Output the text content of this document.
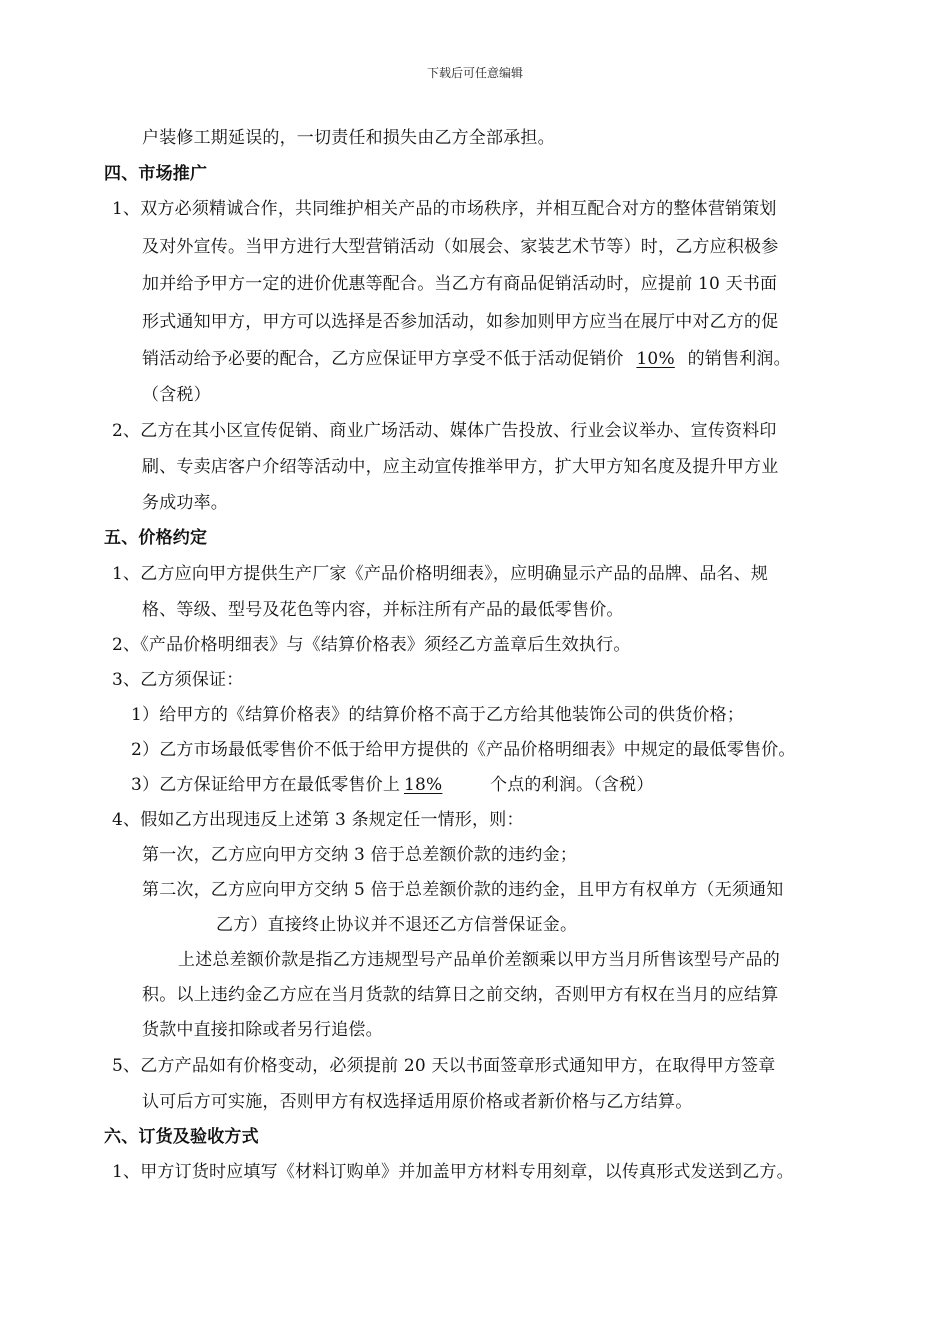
下载后可任意编辑
户装修工期延误的，一切责任和损失由乙方全部承担。
四、市场推广
1、双方必须精诚合作，共同维护相关产品的市场秩序，并相互配合对方的整体营销策划
及对外宣传。当甲方进行大型营销活动（如展会、家装艺术节等）时，乙方应积极参
加并给予甲方一定的进价优惠等配合。当乙方有商品促销活动时，应提前 10 天书面
形式通知甲方，甲方可以选择是否参加活动，如参加则甲方应当在展厅中对乙方的促
销活动给予必要的配合，乙方应保证甲方享受不低于活动促销价 10% 的销售利润。
（含税）
2、乙方在其小区宣传促销、商业广场活动、媒体广告投放、行业会议举办、宣传资料印
刷、专卖店客户介绍等活动中，应主动宣传推举甲方，扩大甲方知名度及提升甲方业
务成功率。
五、价格约定
1、乙方应向甲方提供生产厂家《产品价格明细表》，应明确显示产品的品牌、品名、规
格、等级、型号及花色等内容，并标注所有产品的最低零售价。
2、《产品价格明细表》与《结算价格表》须经乙方盖章后生效执行。
3、乙方须保证：
1）给甲方的《结算价格表》的结算价格不高于乙方给其他装饰公司的供货价格；
2）乙方市场最低零售价不低于给甲方提供的《产品价格明细表》中规定的最低零售价。
3）乙方保证给甲方在最低零售价上 18%	个点的利润。（含税）
4、假如乙方出现违反上述第 3 条规定任一情形，则：
第一次，乙方应向甲方交纳 3 倍于总差额价款的违约金；
第二次，乙方应向甲方交纳 5 倍于总差额价款的违约金，且甲方有权单方（无须通知
乙方）直接终止协议并不退还乙方信誉保证金。
上述总差额价款是指乙方违规型号产品单价差额乘以甲方当月所售该型号产品的
积。以上违约金乙方应在当月货款的结算日之前交纳，否则甲方有权在当月的应结算
货款中直接扣除或者另行追偿。
5、乙方产品如有价格变动，必须提前 20 天以书面签章形式通知甲方，在取得甲方签章
认可后方可实施，否则甲方有权选择适用原价格或者新价格与乙方结算。
六、订货及验收方式
1、甲方订货时应填写《材料订购单》并加盖甲方材料专用刻章，以传真形式发送到乙方。
